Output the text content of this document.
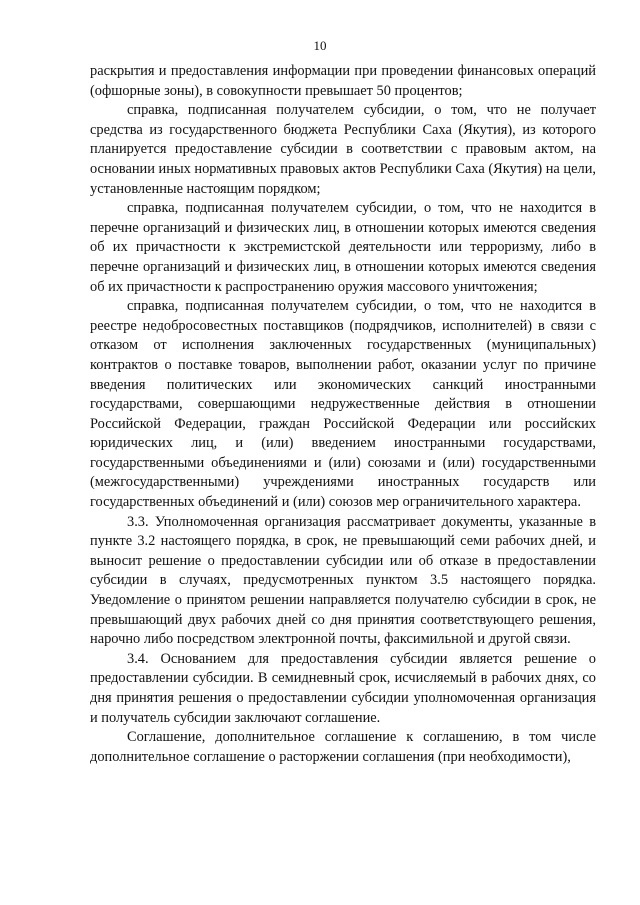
10

раскрытия и предоставления информации при проведении финансовых операций (офшорные зоны), в совокупности превышает 50 процентов;

справка, подписанная получателем субсидии, о том, что не получает средства из государственного бюджета Республики Саха (Якутия), из которого планируется предоставление субсидии в соответствии с правовым актом, на основании иных нормативных правовых актов Республики Саха (Якутия) на цели, установленные настоящим порядком;

справка, подписанная получателем субсидии, о том, что не находится в перечне организаций и физических лиц, в отношении которых имеются сведения об их причастности к экстремистской деятельности или терроризму, либо в перечне организаций и физических лиц, в отношении которых имеются сведения об их причастности к распространению оружия массового уничтожения;

справка, подписанная получателем субсидии, о том, что не находится в реестре недобросовестных поставщиков (подрядчиков, исполнителей) в связи с отказом от исполнения заключенных государственных (муниципальных) контрактов о поставке товаров, выполнении работ, оказании услуг по причине введения политических или экономических санкций иностранными государствами, совершающими недружественные действия в отношении Российской Федерации, граждан Российской Федерации или российских юридических лиц, и (или) введением иностранными государствами, государственными объединениями и (или) союзами и (или) государственными (межгосударственными) учреждениями иностранных государств или государственных объединений и (или) союзов мер ограничительного характера.

3.3. Уполномоченная организация рассматривает документы, указанные в пункте 3.2 настоящего порядка, в срок, не превышающий семи рабочих дней, и выносит решение о предоставлении субсидии или об отказе в предоставлении субсидии в случаях, предусмотренных пунктом 3.5 настоящего порядка. Уведомление о принятом решении направляется получателю субсидии в срок, не превышающий двух рабочих дней со дня принятия соответствующего решения, нарочно либо посредством электронной почты, факсимильной и другой связи.

3.4. Основанием для предоставления субсидии является решение о предоставлении субсидии. В семидневный срок, исчисляемый в рабочих днях, со дня принятия решения о предоставлении субсидии уполномоченная организация и получатель субсидии заключают соглашение.

Соглашение, дополнительное соглашение к соглашению, в том числе дополнительное соглашение о расторжении соглашения (при необходимости),
